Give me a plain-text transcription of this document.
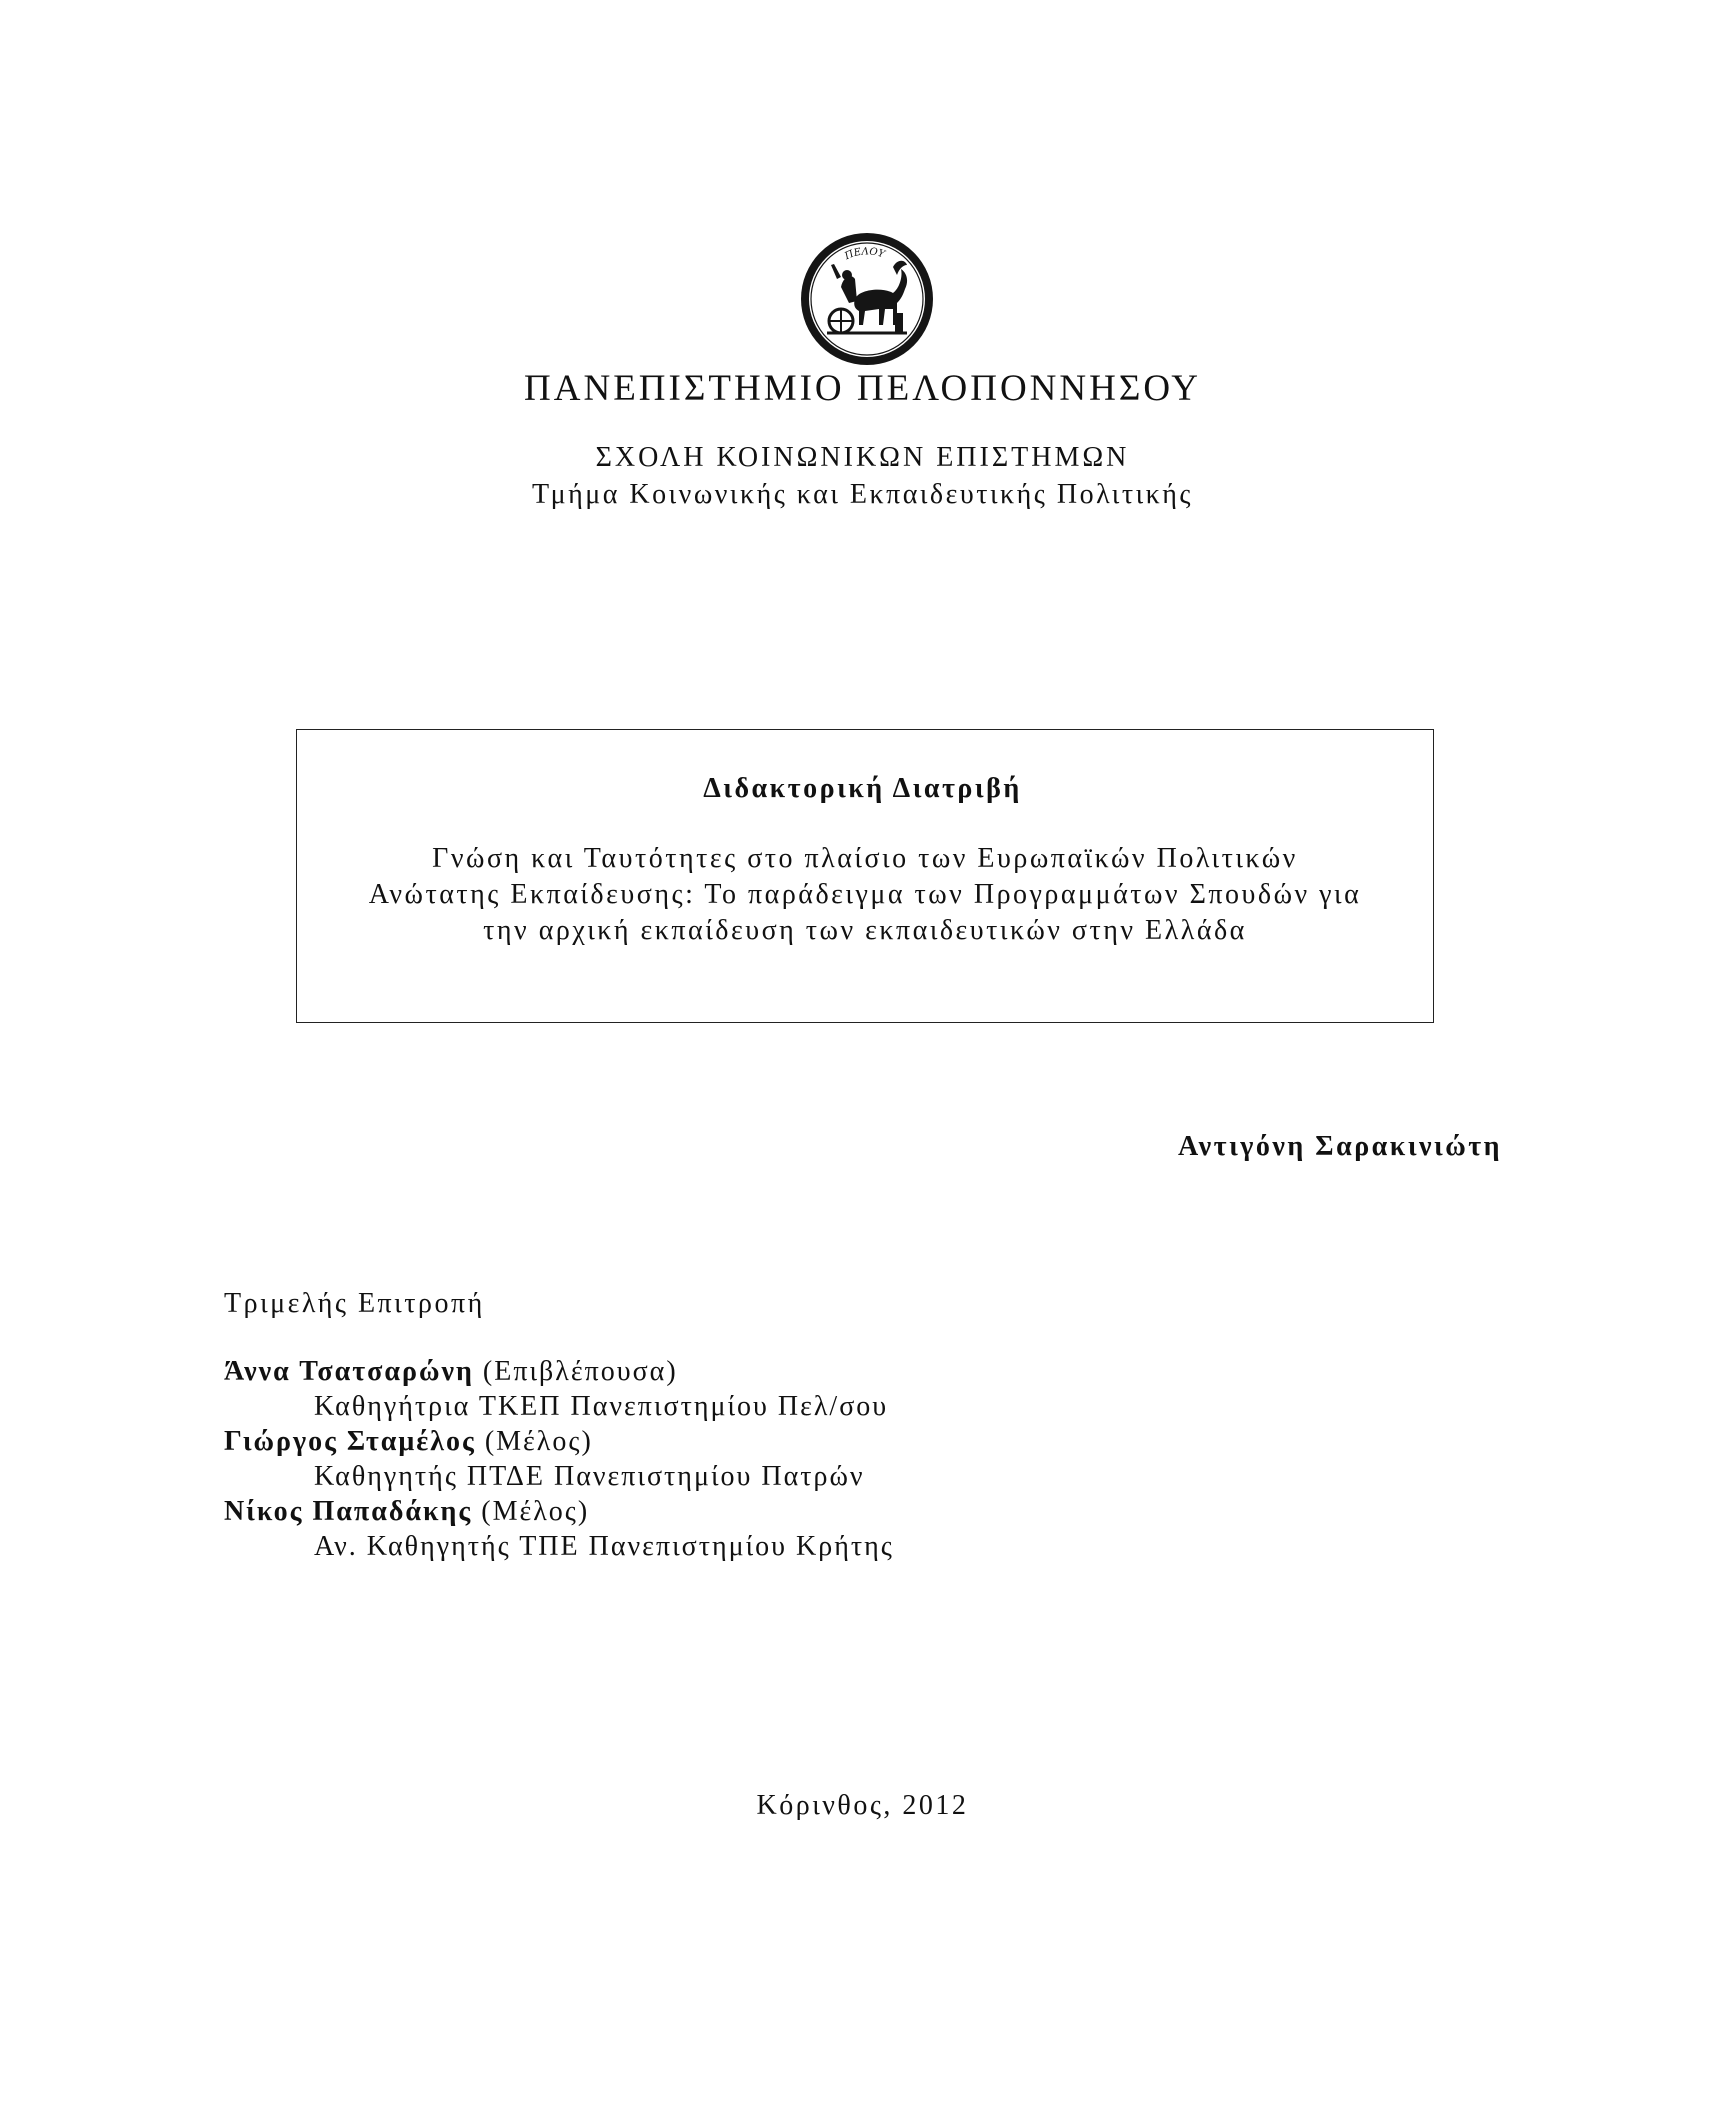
ΠΕΛΟΥ
ΠΑΝΕΠΙΣΤΗΜΙΟ ΠΕΛΟΠΟΝΝΗΣΟΥ
ΣΧΟΛΗ ΚΟΙΝΩΝΙΚΩΝ ΕΠΙΣΤΗΜΩΝ
Τμήμα Κοινωνικής και Εκπαιδευτικής Πολιτικής
Διδακτορική Διατριβή
Γνώση και Ταυτότητες στο πλαίσιο των Ευρωπαϊκών Πολιτικών
Ανώτατης Εκπαίδευσης: Το παράδειγμα των Προγραμμάτων Σπουδών για
την αρχική εκπαίδευση των εκπαιδευτικών στην Ελλάδα
Αντιγόνη Σαρακινιώτη
Τριμελής Επιτροπή
Άννα Τσατσαρώνη (Επιβλέπουσα)
Καθηγήτρια ΤΚΕΠ Πανεπιστημίου Πελ/σου
Γιώργος Σταμέλος (Μέλος)
Καθηγητής ΠΤΔΕ Πανεπιστημίου Πατρών
Νίκος Παπαδάκης (Μέλος)
Αν. Καθηγητής ΤΠΕ Πανεπιστημίου Κρήτης
Κόρινθος, 2012
